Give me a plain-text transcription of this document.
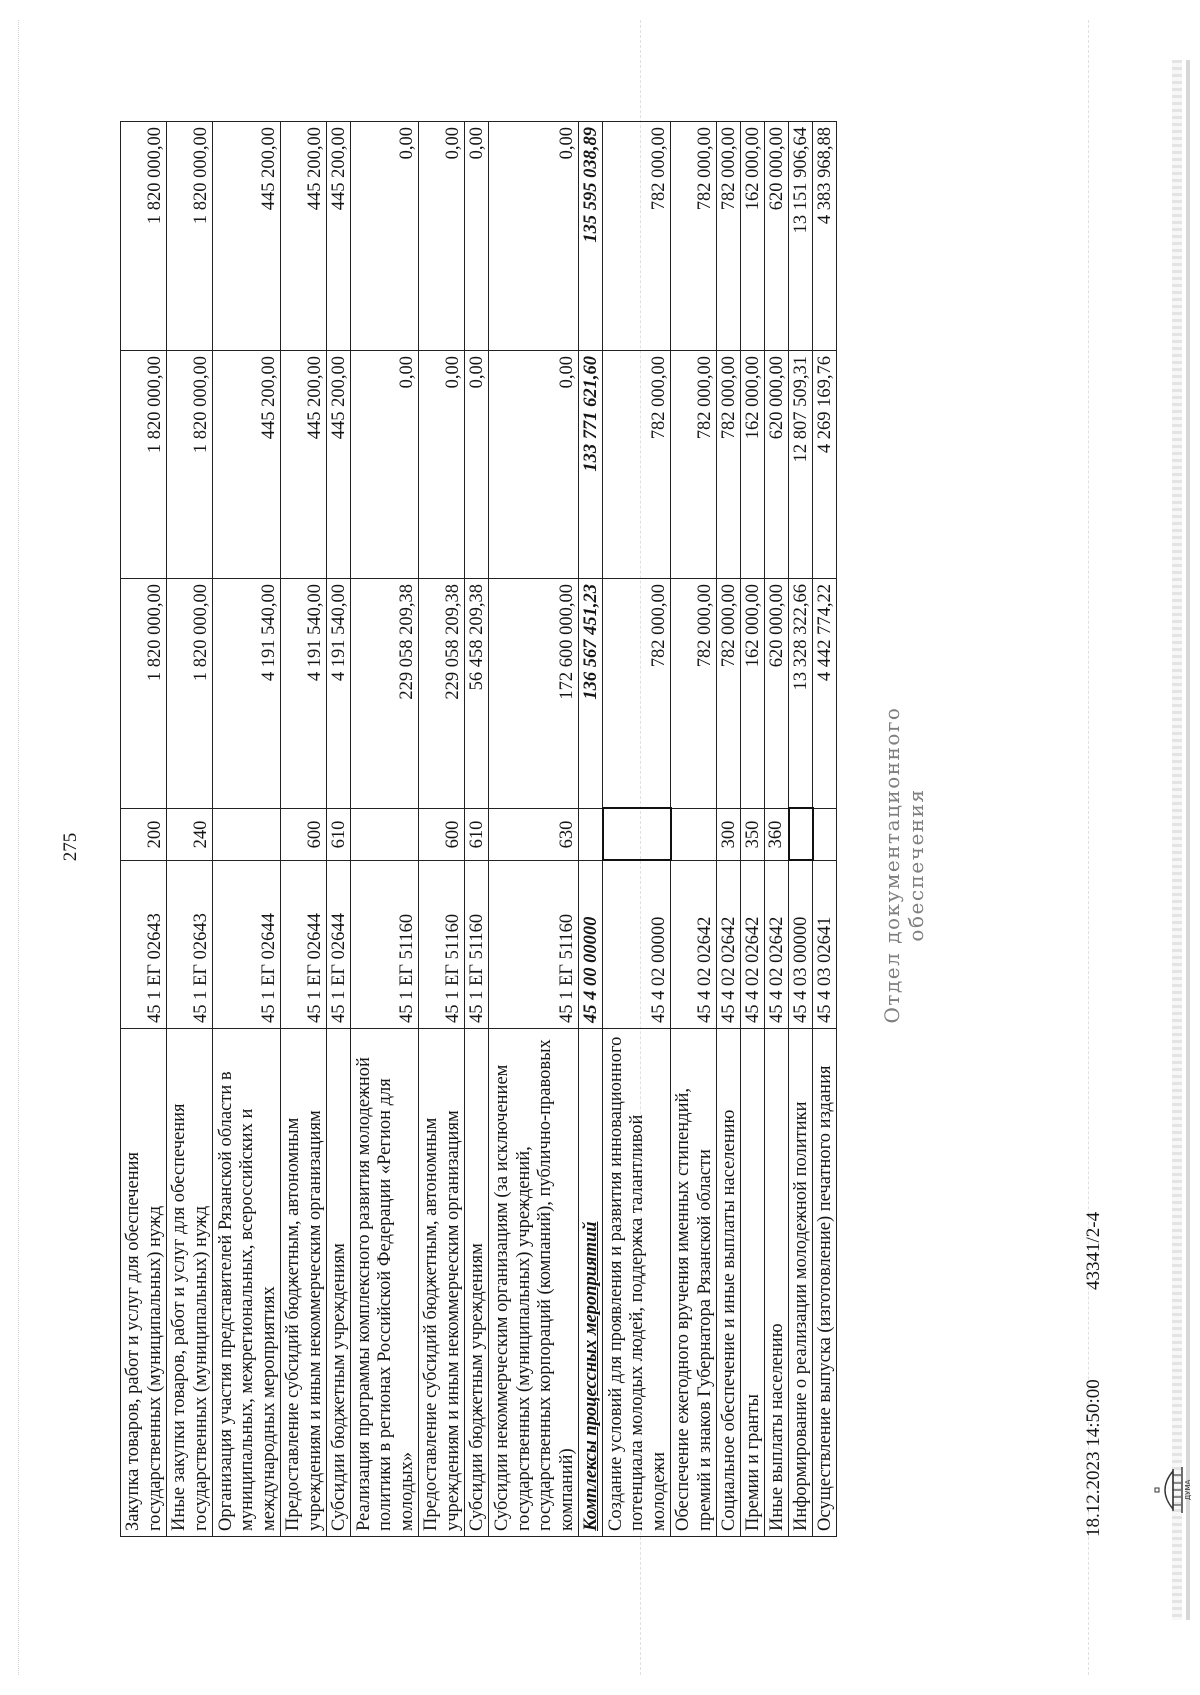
275
Закупка товаров, работ и услуг для обеспечения государственных (муниципальных) нужд	45 1 ЕГ 02643	200	1 820 000,00	1 820 000,00	1 820 000,00
Иные закупки товаров, работ и услуг для обеспечения государственных (муниципальных) нужд	45 1 ЕГ 02643	240	1 820 000,00	1 820 000,00	1 820 000,00
Организация участия представителей Рязанской области в муниципальных, межрегиональных, всероссийских и международных мероприятиях	45 1 ЕГ 02644		4 191 540,00	445 200,00	445 200,00
Предоставление субсидий бюджетным, автономным учреждениям и иным некоммерческим организациям	45 1 ЕГ 02644	600	4 191 540,00	445 200,00	445 200,00
Субсидии бюджетным учреждениям	45 1 ЕГ 02644	610	4 191 540,00	445 200,00	445 200,00
Реализация программы комплексного развития молодежной политики в регионах Российской Федерации «Регион для молодых»	45 1 ЕГ 51160		229 058 209,38	0,00	0,00
Предоставление субсидий бюджетным, автономным учреждениям и иным некоммерческим организациям	45 1 ЕГ 51160	600	229 058 209,38	0,00	0,00
Субсидии бюджетным учреждениям	45 1 ЕГ 51160	610	56 458 209,38	0,00	0,00
Субсидии некоммерческим организациям (за исключением государственных (муниципальных) учреждений, государственных корпораций (компаний), публично-правовых компаний)	45 1 ЕГ 51160	630	172 600 000,00	0,00	0,00
Комплексы процессных мероприятий	45 4 00 00000		136 567 451,23	133 771 621,60	135 595 038,89
Создание условий для проявления и развития инновационного потенциала молодых людей, поддержка талантливой молодежи	45 4 02 00000		782 000,00	782 000,00	782 000,00
Обеспечение ежегодного вручения именных стипендий, премий и знаков Губернатора Рязанской области	45 4 02 02642		782 000,00	782 000,00	782 000,00
Социальное обеспечение и иные выплаты населению	45 4 02 02642	300	782 000,00	782 000,00	782 000,00
Премии и гранты	45 4 02 02642	350	162 000,00	162 000,00	162 000,00
Иные выплаты населению	45 4 02 02642	360	620 000,00	620 000,00	620 000,00
Информирование о реализации молодежной политики	45 4 03 00000		13 328 322,66	12 807 509,31	13 151 906,64
Осуществление выпуска (изготовление) печатного издания	45 4 03 02641		4 442 774,22	4 269 169,76	4 383 968,88
18.12.2023 14:50:00
43341/2-4
ДУМА
Отдел документационного обеспечения
